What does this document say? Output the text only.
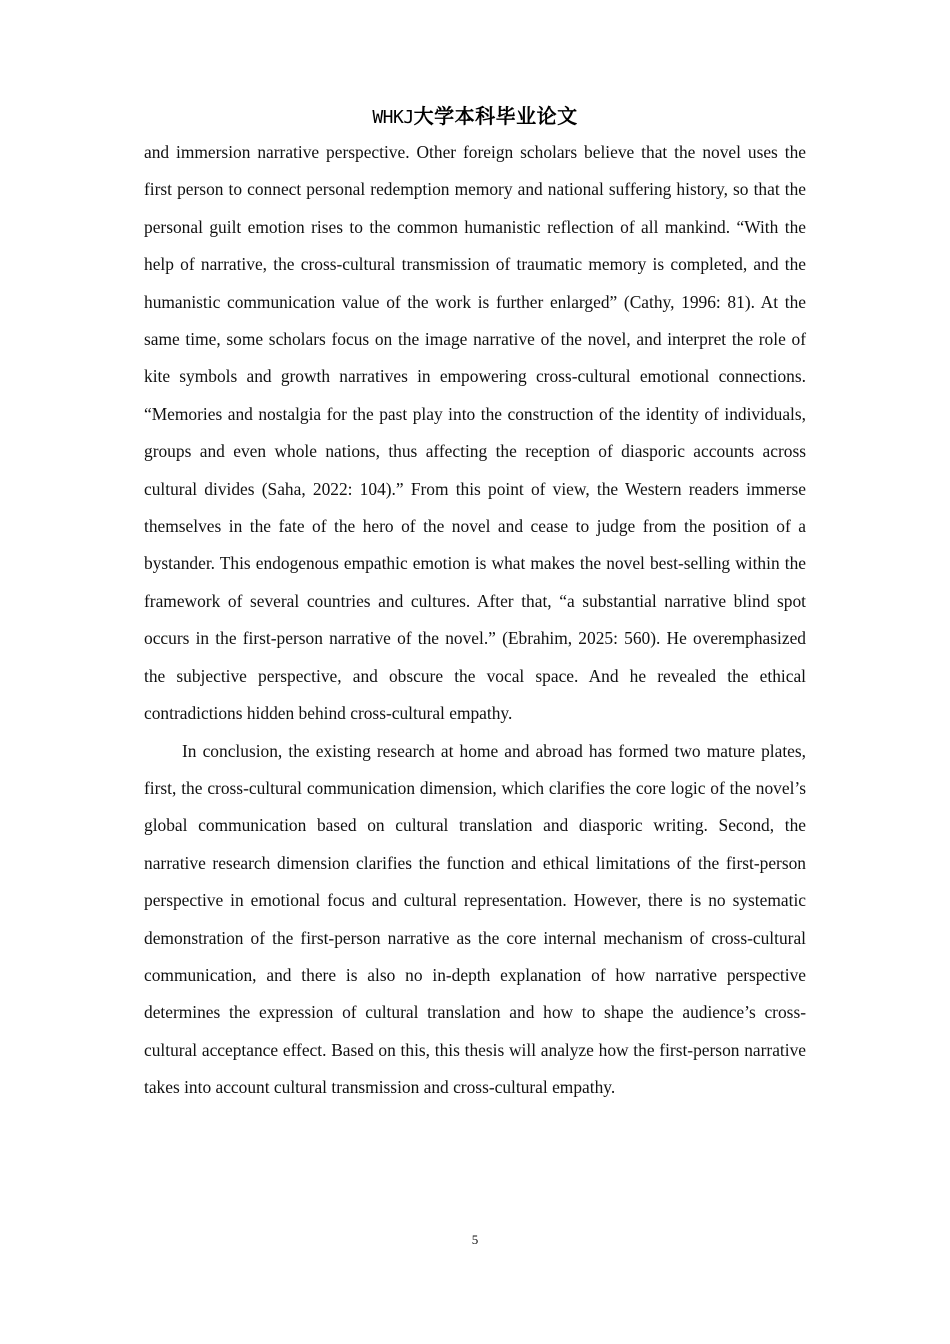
WHKJ大学本科毕业论文

and immersion narrative perspective. Other foreign scholars believe that the novel uses the first person to connect personal redemption memory and national suffering history, so that the personal guilt emotion rises to the common humanistic reflection of all mankind. “With the help of narrative, the cross-cultural transmission of traumatic memory is completed, and the humanistic communication value of the work is further enlarged” (Cathy, 1996: 81). At the same time, some scholars focus on the image narrative of the novel, and interpret the role of kite symbols and growth narratives in empowering cross-cultural emotional connections. “Memories and nostalgia for the past play into the construction of the identity of individuals, groups and even whole nations, thus affecting the reception of diasporic accounts across cultural divides (Saha, 2022: 104).” From this point of view, the Western readers immerse themselves in the fate of the hero of the novel and cease to judge from the position of a bystander. This endogenous empathic emotion is what makes the novel best-selling within the framework of several countries and cultures. After that, “a substantial narrative blind spot occurs in the first-person narrative of the novel.” (Ebrahim, 2025: 560). He overemphasized the subjective perspective, and obscure the vocal space. And he revealed the ethical contradictions hidden behind cross-cultural empathy.

In conclusion, the existing research at home and abroad has formed two mature plates, first, the cross-cultural communication dimension, which clarifies the core logic of the novel’s global communication based on cultural translation and diasporic writing. Second, the narrative research dimension clarifies the function and ethical limitations of the first-person perspective in emotional focus and cultural representation. However, there is no systematic demonstration of the first-person narrative as the core internal mechanism of cross-cultural communication, and there is also no in-depth explanation of how narrative perspective determines the expression of cultural translation and how to shape the audience’s cross-cultural acceptance effect. Based on this, this thesis will analyze how the first-person narrative takes into account cultural transmission and cross-cultural empathy.

5
